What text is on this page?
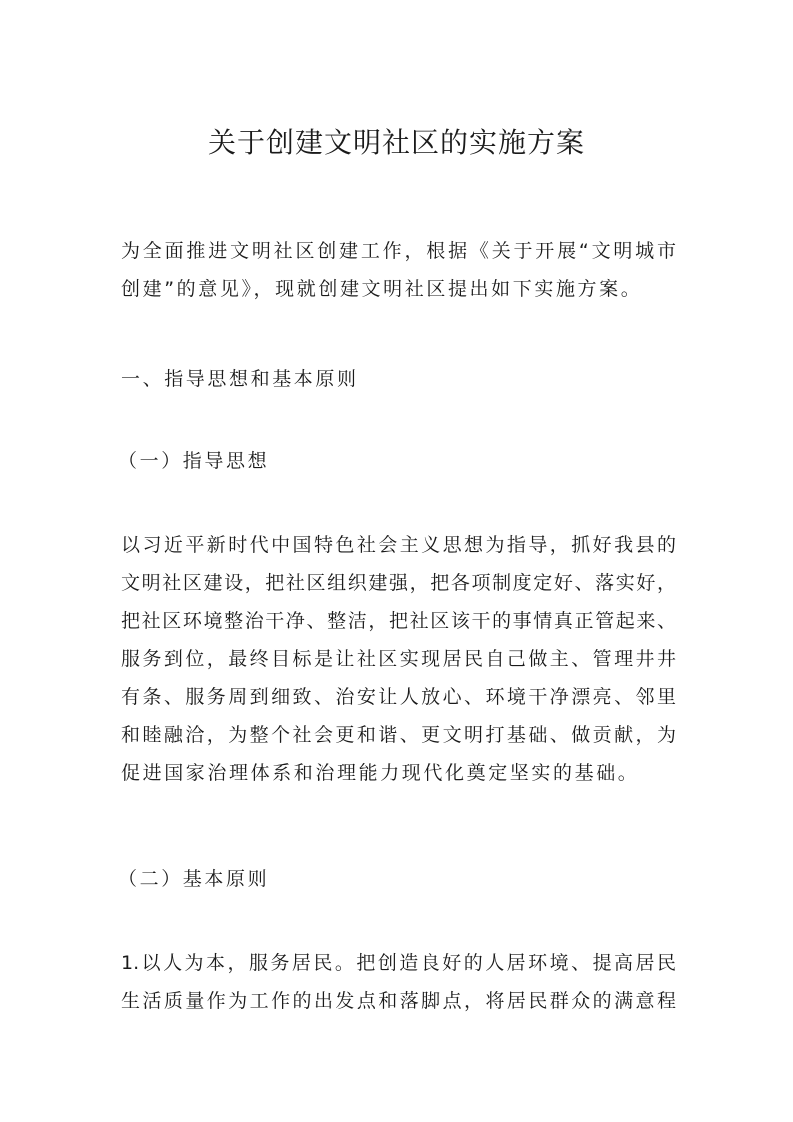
关于创建文明社区的实施方案
为全面推进文明社区创建工作，根据《关于开展“文明城市
创建”的意见》，现就创建文明社区提出如下实施方案。
一、指导思想和基本原则
（一）指导思想
以习近平新时代中国特色社会主义思想为指导，抓好我县的
文明社区建设，把社区组织建强，把各项制度定好、落实好，
把社区环境整治干净、整洁，把社区该干的事情真正管起来、
服务到位，最终目标是让社区实现居民自己做主、管理井井
有条、服务周到细致、治安让人放心、环境干净漂亮、邻里
和睦融洽，为整个社会更和谐、更文明打基础、做贡献，为
促进国家治理体系和治理能力现代化奠定坚实的基础。
（二）基本原则
1.以人为本，服务居民。把创造良好的人居环境、提高居民
生活质量作为工作的出发点和落脚点，将居民群众的满意程
